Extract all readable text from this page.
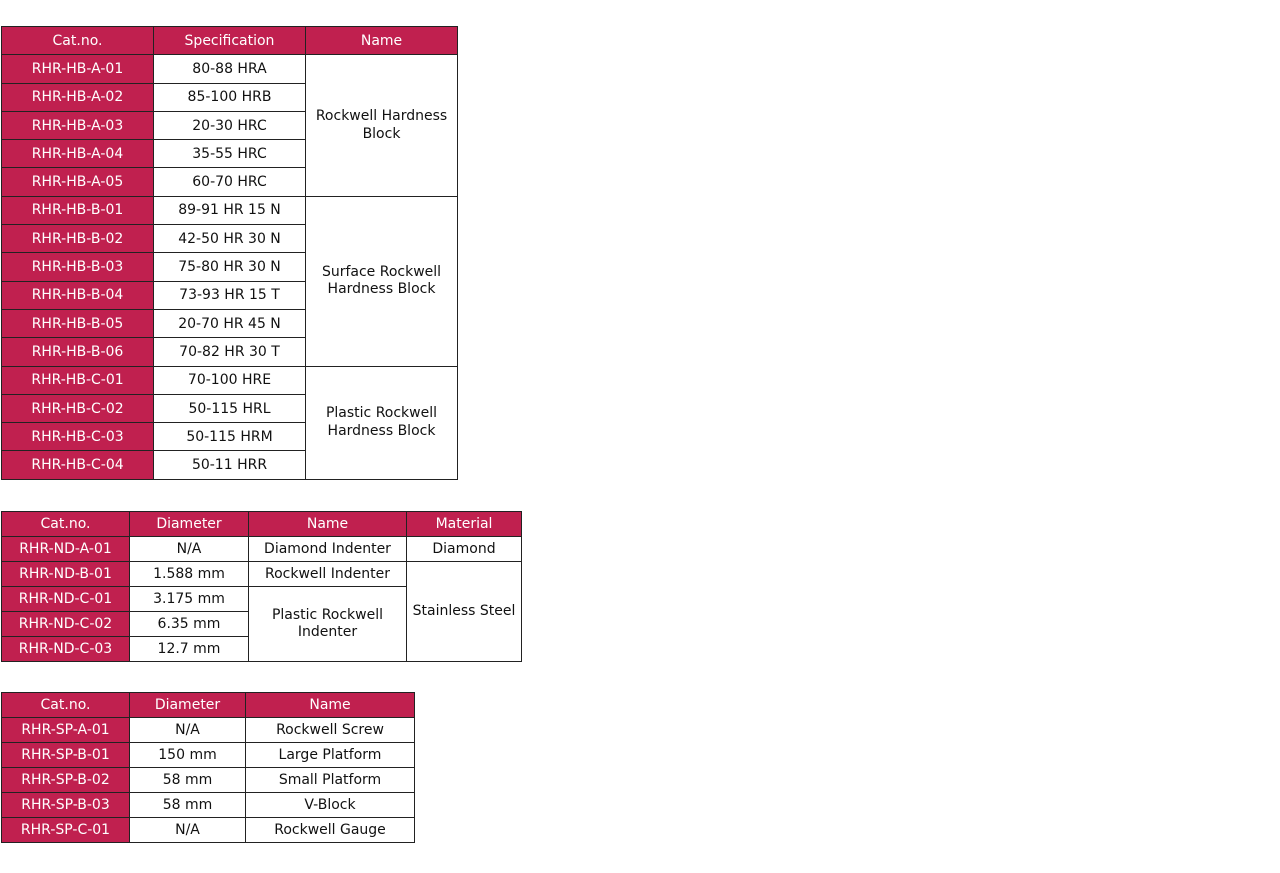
Cat.no.	Specification	Name
RHR-HB-A-01	80-88 HRA	Rockwell Hardness Block
RHR-HB-A-02	85-100 HRB	
RHR-HB-A-03	20-30 HRC	
RHR-HB-A-04	35-55 HRC	
RHR-HB-A-05	60-70 HRC	
RHR-HB-B-01	89-91 HR 15 N	Surface Rockwell Hardness Block
RHR-HB-B-02	42-50 HR 30 N	
RHR-HB-B-03	75-80 HR 30 N	
RHR-HB-B-04	73-93 HR 15 T	
RHR-HB-B-05	20-70 HR 45 N	
RHR-HB-B-06	70-82 HR 30 T	
RHR-HB-C-01	70-100 HRE	Plastic Rockwell Hardness Block
RHR-HB-C-02	50-115 HRL	
RHR-HB-C-03	50-115 HRM	
RHR-HB-C-04	50-11 HRR	
Cat.no.	Diameter	Name	Material
RHR-ND-A-01	N/A	Diamond Indenter	Diamond
RHR-ND-B-01	1.588 mm	Rockwell Indenter	Stainless Steel
RHR-ND-C-01	3.175 mm	Plastic Rockwell Indenter	
RHR-ND-C-02	6.35 mm		
RHR-ND-C-03	12.7 mm		
Cat.no.	Diameter	Name
RHR-SP-A-01	N/A	Rockwell Screw
RHR-SP-B-01	150 mm	Large Platform
RHR-SP-B-02	58 mm	Small Platform
RHR-SP-B-03	58 mm	V-Block
RHR-SP-C-01	N/A	Rockwell Gauge
